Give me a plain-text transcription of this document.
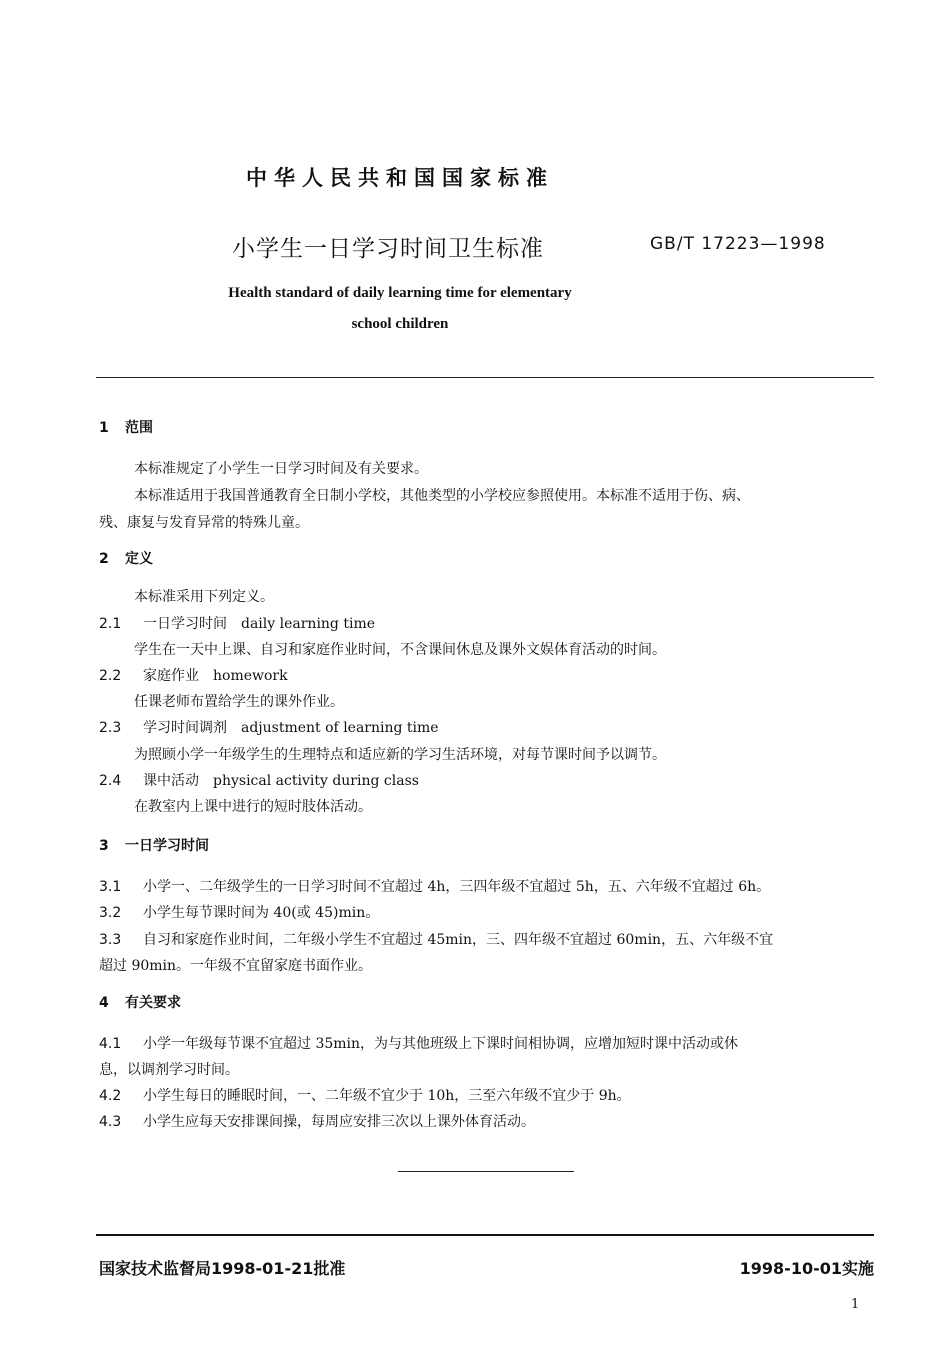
中华人民共和国国家标准
小学生一日学习时间卫生标准	GB/T 17223—1998
Health standard of daily learning time for elementary
school children
1 范围
本标准规定了小学生一日学习时间及有关要求。
本标准适用于我国普通教育全日制小学校，其他类型的小学校应参照使用。本标准不适用于伤、病、
残、康复与发育异常的特殊儿童。
2 定义
本标准采用下列定义。
2.1 一日学习时间　daily learning time
学生在一天中上课、自习和家庭作业时间，不含课间休息及课外文娱体育活动的时间。
2.2 家庭作业　homework
任课老师布置给学生的课外作业。
2.3 学习时间调剂　adjustment of learning time
为照顾小学一年级学生的生理特点和适应新的学习生活环境，对每节课时间予以调节。
2.4 课中活动　physical activity during class
在教室内上课中进行的短时肢体活动。
3 一日学习时间
3.1 小学一、二年级学生的一日学习时间不宜超过 4h，三四年级不宜超过 5h，五、六年级不宜超过 6h。
3.2 小学生每节课时间为 40(或 45)min。
3.3 自习和家庭作业时间，二年级小学生不宜超过 45min，三、四年级不宜超过 60min，五、六年级不宜
超过 90min。一年级不宜留家庭书面作业。
4 有关要求
4.1 小学一年级每节课不宜超过 35min，为与其他班级上下课时间相协调，应增加短时课中活动或休
息，以调剂学习时间。
4.2 小学生每日的睡眠时间，一、二年级不宜少于 10h，三至六年级不宜少于 9h。
4.3 小学生应每天安排课间操，每周应安排三次以上课外体育活动。
国家技术监督局1998-01-21批准	1998-10-01实施
1
